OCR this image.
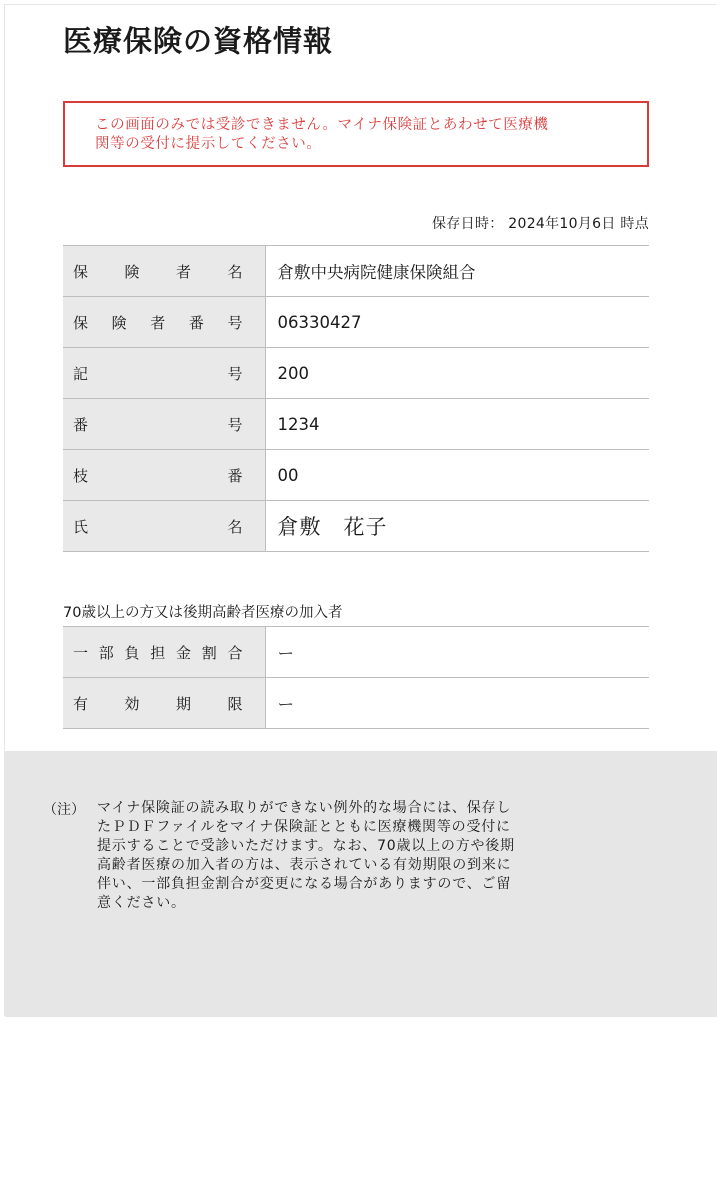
医療保険の資格情報
この画面のみでは受診できません。マイナ保険証とあわせて医療機
関等の受付に提示してください。
保存日時： 2024年10月6日 時点
保険者名	倉敷中央病院健康保険組合
保険者番号	06330427
記号	200
番号	1234
枝番	00
氏名	倉敷　花子
70歳以上の方又は後期高齢者医療の加入者
一部負担金割合	ー
有効期限	ー
（注） マイナ保険証の読み取りができない例外的な場合には、保存し
たＰＤＦファイルをマイナ保険証とともに医療機関等の受付に
提示することで受診いただけます。なお、70歳以上の方や後期
高齢者医療の加入者の方は、表示されている有効期限の到来に
伴い、一部負担金割合が変更になる場合がありますので、ご留
意ください。
